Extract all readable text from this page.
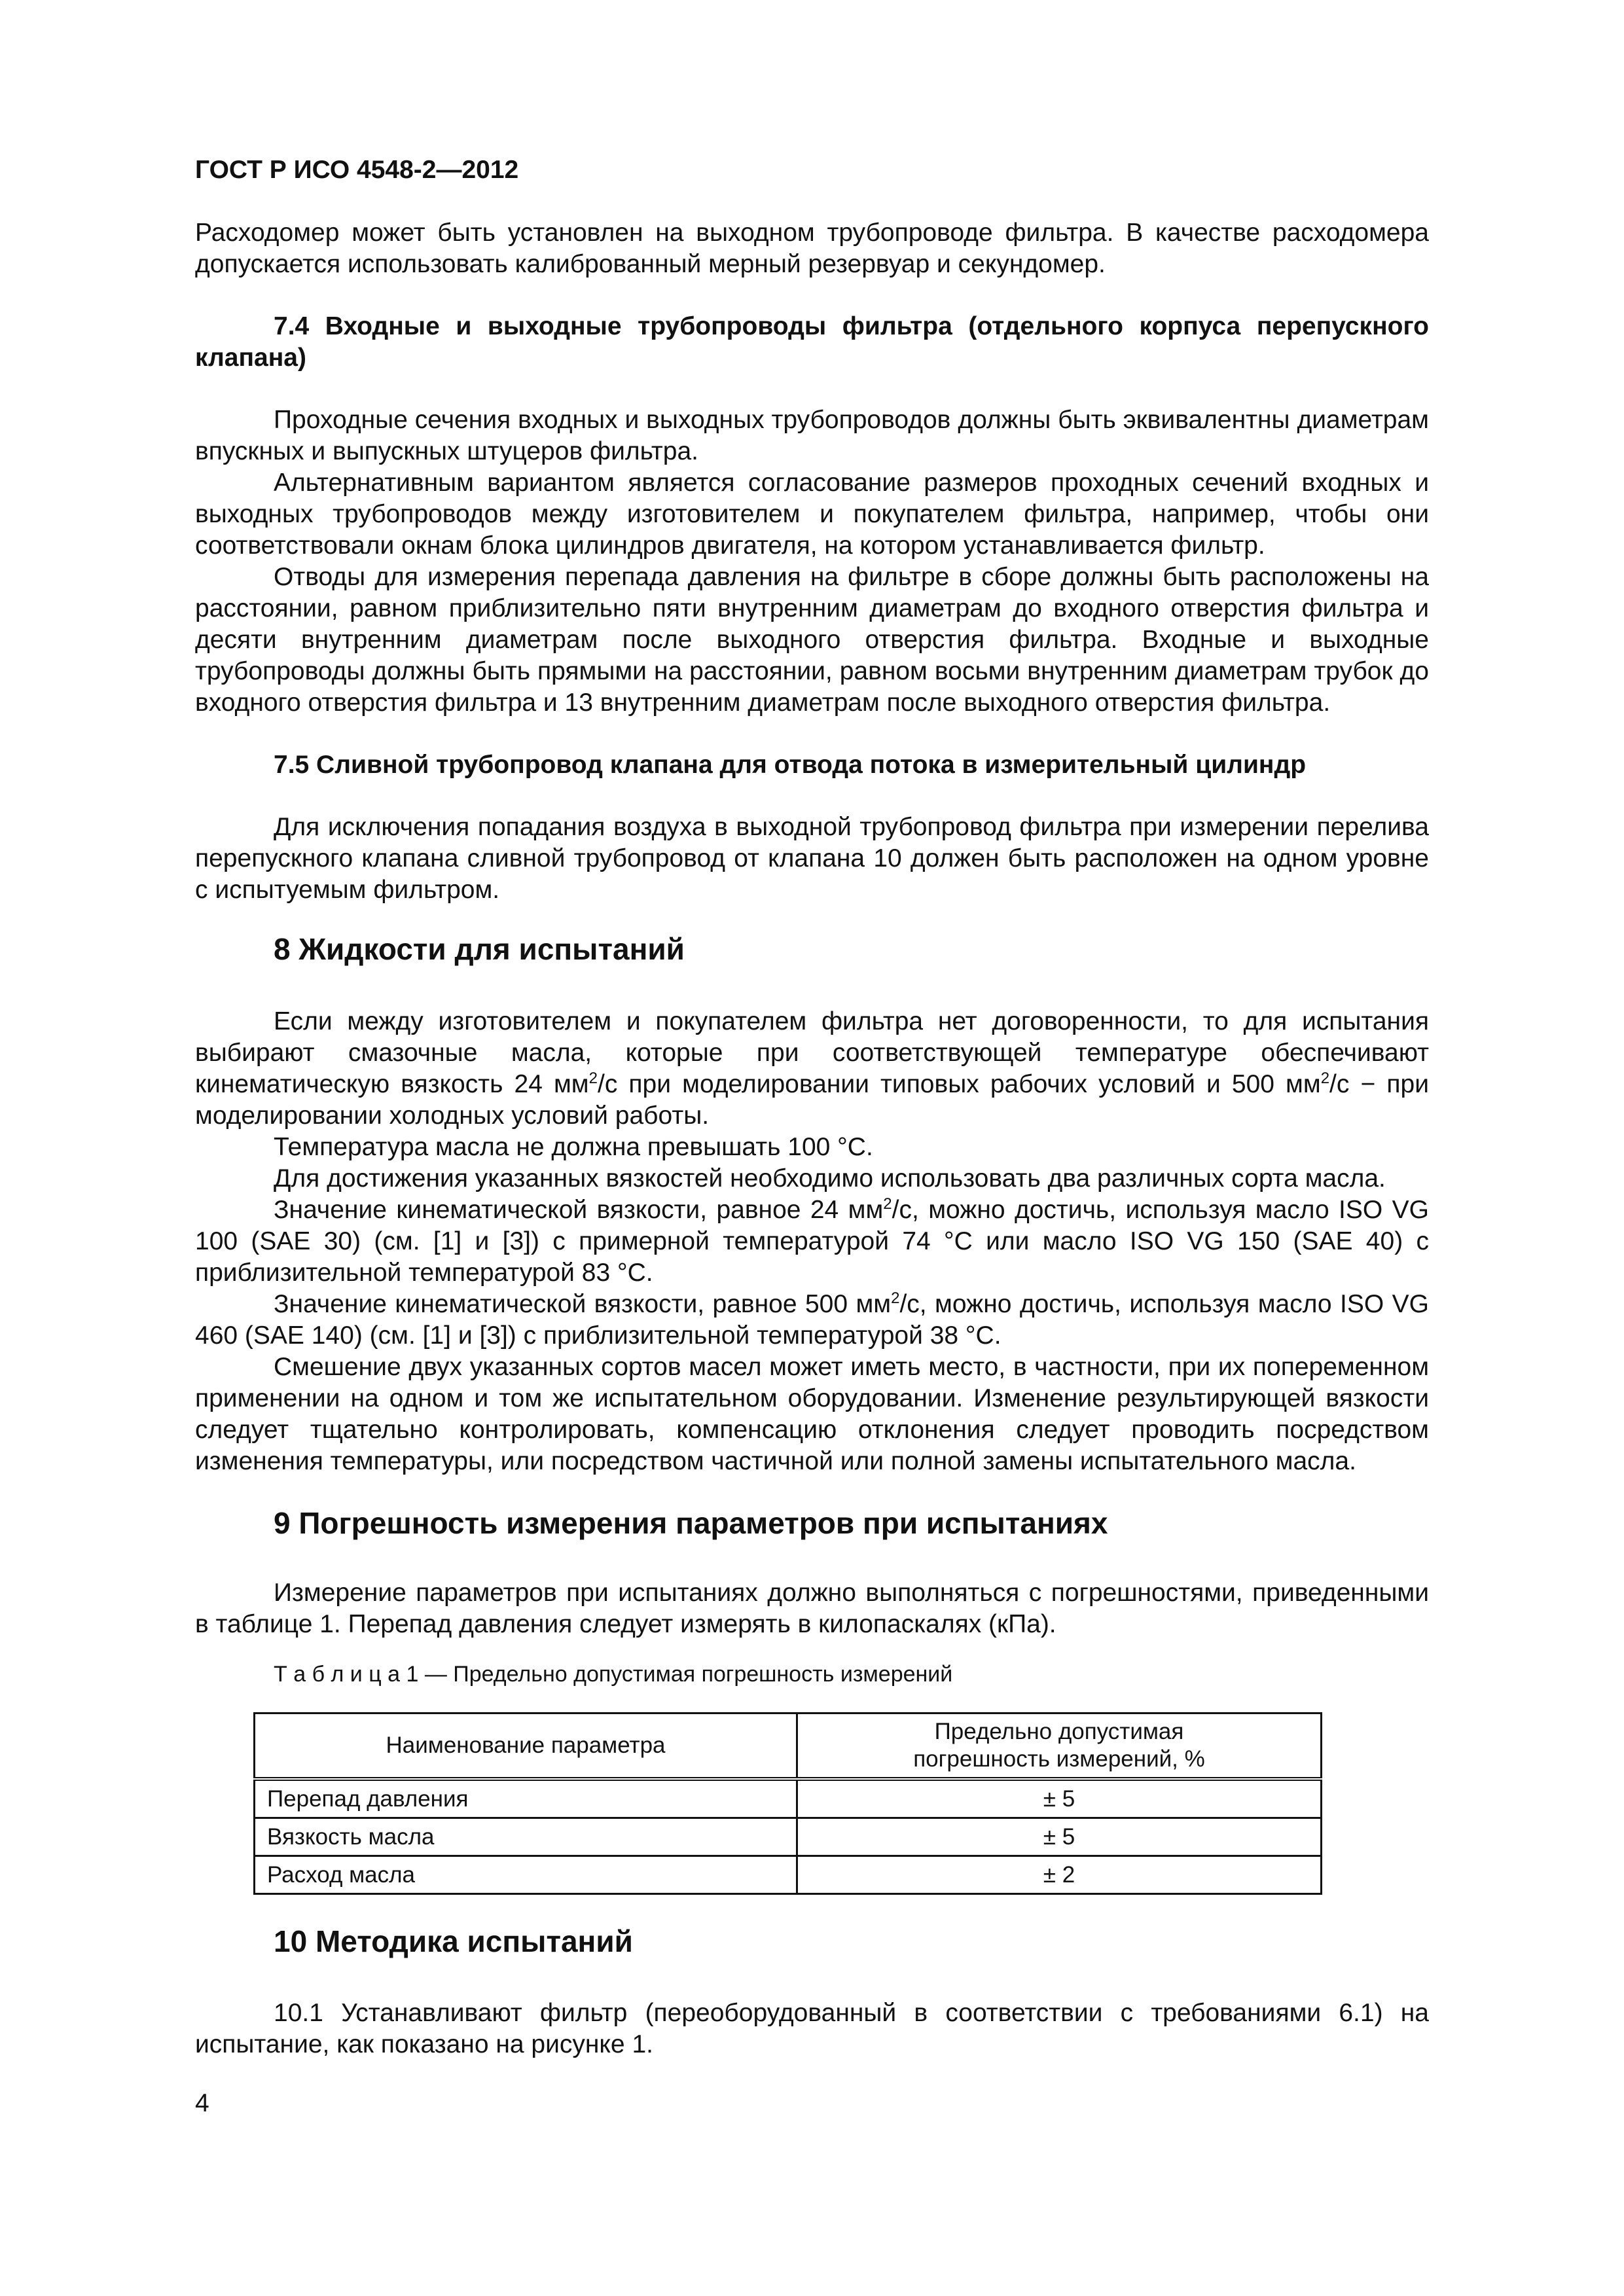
ГОСТ Р ИСО 4548-2—2012
Расходомер может быть установлен на выходном трубопроводе фильтра. В качестве расходомера допускается использовать калиброванный мерный резервуар и секундомер.
7.4 Входные и выходные трубопроводы фильтра (отдельного корпуса перепускного клапана)
Проходные сечения входных и выходных трубопроводов должны быть эквивалентны диаметрам впускных и выпускных штуцеров фильтра.
Альтернативным вариантом является согласование размеров проходных сечений входных и выходных трубопроводов между изготовителем и покупателем фильтра, например, чтобы они соответствовали окнам блока цилиндров двигателя, на котором устанавливается фильтр.
Отводы для измерения перепада давления на фильтре в сборе должны быть расположены на расстоянии, равном приблизительно пяти внутренним диаметрам до входного отверстия фильтра и десяти внутренним диаметрам после выходного отверстия фильтра. Входные и выходные трубопроводы должны быть прямыми на расстоянии, равном восьми внутренним диаметрам трубок до входного отверстия фильтра и 13 внутренним диаметрам после выходного отверстия фильтра.
7.5 Сливной трубопровод клапана для отвода потока в измерительный цилиндр
Для исключения попадания воздуха в выходной трубопровод фильтра при измерении перелива перепускного клапана сливной трубопровод от клапана 10 должен быть расположен на одном уровне с испытуемым фильтром.
8 Жидкости для испытаний
Если между изготовителем и покупателем фильтра нет договоренности, то для испытания выбирают смазочные масла, которые при соответствующей температуре обеспечивают кинематическую вязкость 24 $мм^2/с$ при моделировании типовых рабочих условий и 500 $мм^2/с$ − при моделировании холодных условий работы.
Температура масла не должна превышать 100 °С.
Для достижения указанных вязкостей необходимо использовать два различных сорта масла.
Значение кинематической вязкости, равное 24 $мм^2/с$, можно достичь, используя масло ISO VG 100 (SAE 30) (см. [1] и [3]) с примерной температурой 74 °С или масло ISO VG 150 (SAE 40) с приблизительной температурой 83 °С.
Значение кинематической вязкости, равное 500 $мм^2/с$, можно достичь, используя масло ISO VG 460 (SAE 140) (см. [1] и [3]) с приблизительной температурой 38 °С.
Смешение двух указанных сортов масел может иметь место, в частности, при их попеременном применении на одном и том же испытательном оборудовании. Изменение результирующей вязкости следует тщательно контролировать, компенсацию отклонения следует проводить посредством изменения температуры, или посредством частичной или полной замены испытательного масла.
9 Погрешность измерения параметров при испытаниях
Измерение параметров при испытаниях должно выполняться с погрешностями, приведенными в таблице 1. Перепад давления следует измерять в килопаскалях (кПа).
Т а б л и ц а 1 — Предельно допустимая погрешность измерений
Наименование параметра	Предельно допустимая
погрешность измерений, %
Перепад давления	± 5
Вязкость масла	± 5
Расход масла	± 2
10 Методика испытаний
10.1 Устанавливают фильтр (переоборудованный в соответствии с требованиями 6.1) на испытание, как показано на рисунке 1.
4
